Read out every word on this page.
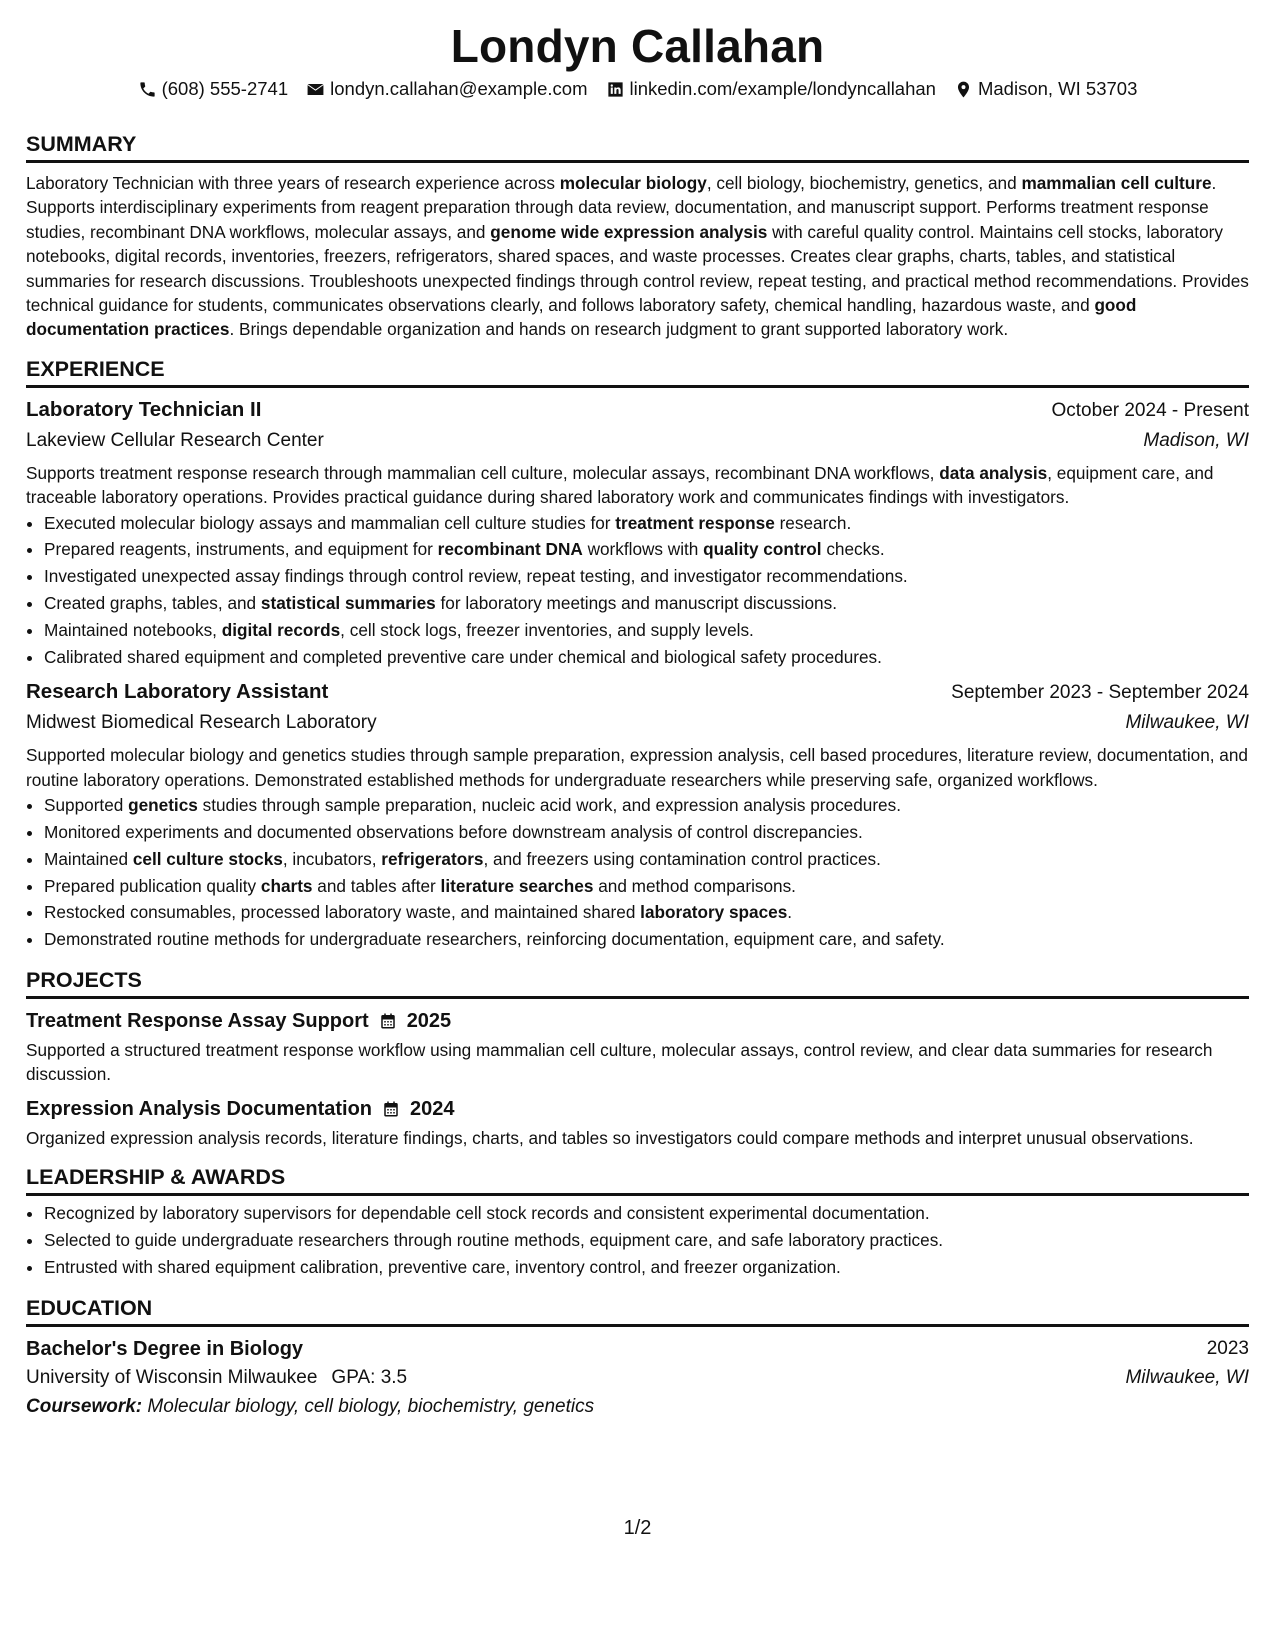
Londyn Callahan
(608) 555-2741 londyn.callahan@example.com linkedin.com/example/londyncallahan Madison, WI 53703
SUMMARY
Laboratory Technician with three years of research experience across molecular biology, cell biology, biochemistry, genetics, and mammalian cell culture. Supports interdisciplinary experiments from reagent preparation through data review, documentation, and manuscript support. Performs treatment response studies, recombinant DNA workflows, molecular assays, and genome wide expression analysis with careful quality control. Maintains cell stocks, laboratory notebooks, digital records, inventories, freezers, refrigerators, shared spaces, and waste processes. Creates clear graphs, charts, tables, and statistical summaries for research discussions. Troubleshoots unexpected findings through control review, repeat testing, and practical method recommendations. Provides technical guidance for students, communicates observations clearly, and follows laboratory safety, chemical handling, hazardous waste, and good documentation practices. Brings dependable organization and hands on research judgment to grant supported laboratory work.
EXPERIENCE
Laboratory Technician II	October 2024 - Present
Lakeview Cellular Research Center	Madison, WI
Supports treatment response research through mammalian cell culture, molecular assays, recombinant DNA workflows, data analysis, equipment care, and traceable laboratory operations. Provides practical guidance during shared laboratory work and communicates findings with investigators.
• Executed molecular biology assays and mammalian cell culture studies for treatment response research.
• Prepared reagents, instruments, and equipment for recombinant DNA workflows with quality control checks.
• Investigated unexpected assay findings through control review, repeat testing, and investigator recommendations.
• Created graphs, tables, and statistical summaries for laboratory meetings and manuscript discussions.
• Maintained notebooks, digital records, cell stock logs, freezer inventories, and supply levels.
• Calibrated shared equipment and completed preventive care under chemical and biological safety procedures.
Research Laboratory Assistant	September 2023 - September 2024
Midwest Biomedical Research Laboratory	Milwaukee, WI
Supported molecular biology and genetics studies through sample preparation, expression analysis, cell based procedures, literature review, documentation, and routine laboratory operations. Demonstrated established methods for undergraduate researchers while preserving safe, organized workflows.
• Supported genetics studies through sample preparation, nucleic acid work, and expression analysis procedures.
• Monitored experiments and documented observations before downstream analysis of control discrepancies.
• Maintained cell culture stocks, incubators, refrigerators, and freezers using contamination control practices.
• Prepared publication quality charts and tables after literature searches and method comparisons.
• Restocked consumables, processed laboratory waste, and maintained shared laboratory spaces.
• Demonstrated routine methods for undergraduate researchers, reinforcing documentation, equipment care, and safety.
PROJECTS
Treatment Response Assay Support 2025
Supported a structured treatment response workflow using mammalian cell culture, molecular assays, control review, and clear data summaries for research discussion.
Expression Analysis Documentation 2024
Organized expression analysis records, literature findings, charts, and tables so investigators could compare methods and interpret unusual observations.
LEADERSHIP & AWARDS
• Recognized by laboratory supervisors for dependable cell stock records and consistent experimental documentation.
• Selected to guide undergraduate researchers through routine methods, equipment care, and safe laboratory practices.
• Entrusted with shared equipment calibration, preventive care, inventory control, and freezer organization.
EDUCATION
Bachelor's Degree in Biology	2023
University of Wisconsin Milwaukee GPA: 3.5	Milwaukee, WI
Coursework: Molecular biology, cell biology, biochemistry, genetics
1/2
